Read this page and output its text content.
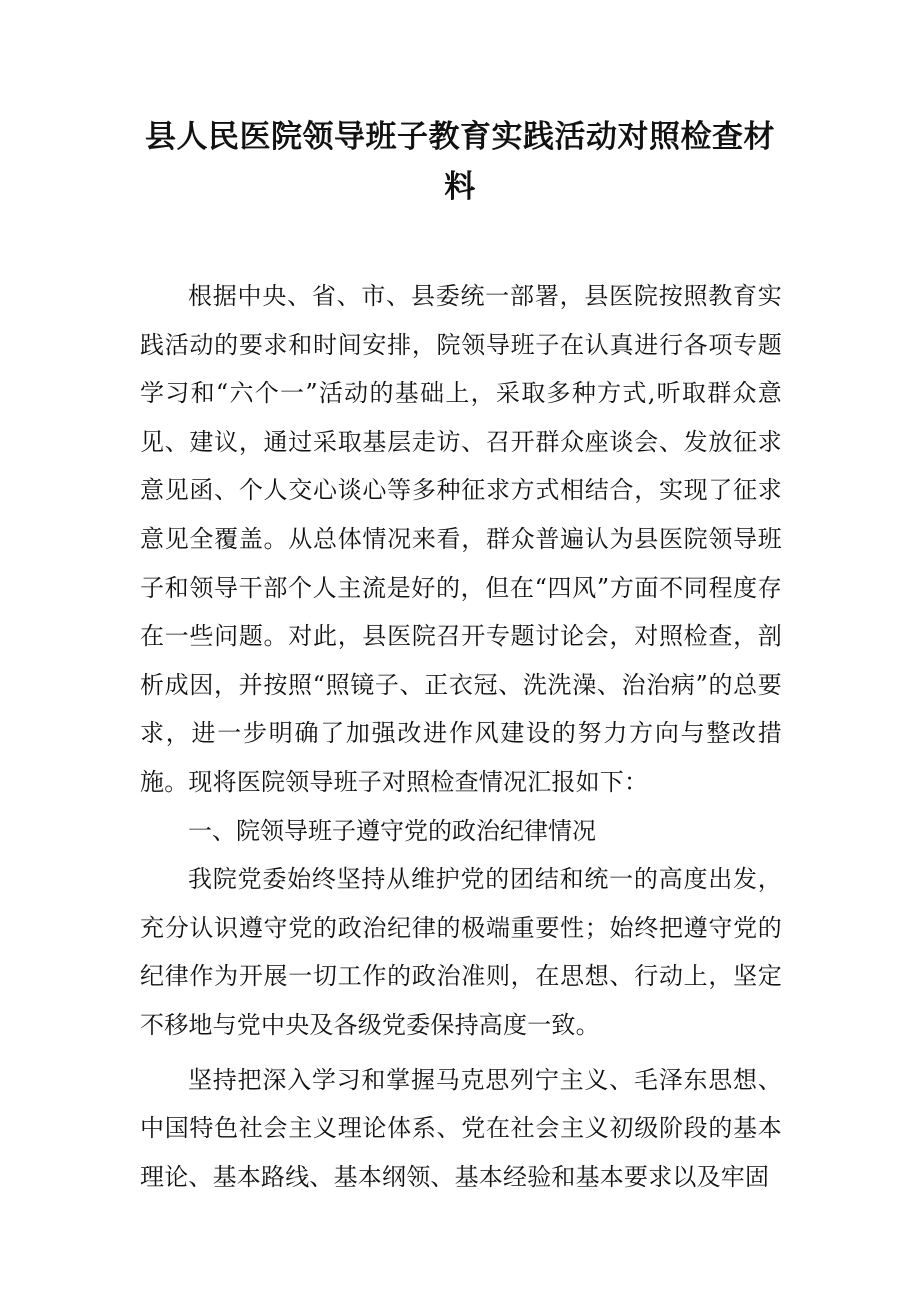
县人民医院领导班子教育实践活动对照检查材料

根据中央、省、市、县委统一部署，县医院按照教育实践活动的要求和时间安排，院领导班子在认真进行各项专题学习和“六个一”活动的基础上，采取多种方式,听取群众意见、建议，通过采取基层走访、召开群众座谈会、发放征求意见函、个人交心谈心等多种征求方式相结合，实现了征求意见全覆盖。从总体情况来看，群众普遍认为县医院领导班子和领导干部个人主流是好的，但在“四风”方面不同程度存在一些问题。对此，县医院召开专题讨论会，对照检查，剖析成因，并按照“照镜子、正衣冠、洗洗澡、治治病”的总要求，进一步明确了加强改进作风建设的努力方向与整改措施。现将医院领导班子对照检查情况汇报如下：

一、院领导班子遵守党的政治纪律情况

我院党委始终坚持从维护党的团结和统一的高度出发，充分认识遵守党的政治纪律的极端重要性；始终把遵守党的纪律作为开展一切工作的政治准则，在思想、行动上，坚定不移地与党中央及各级党委保持高度一致。

坚持把深入学习和掌握马克思列宁主义、毛泽东思想、中国特色社会主义理论体系、党在社会主义初级阶段的基本理论、基本路线、基本纲领、基本经验和基本要求以及牢固
